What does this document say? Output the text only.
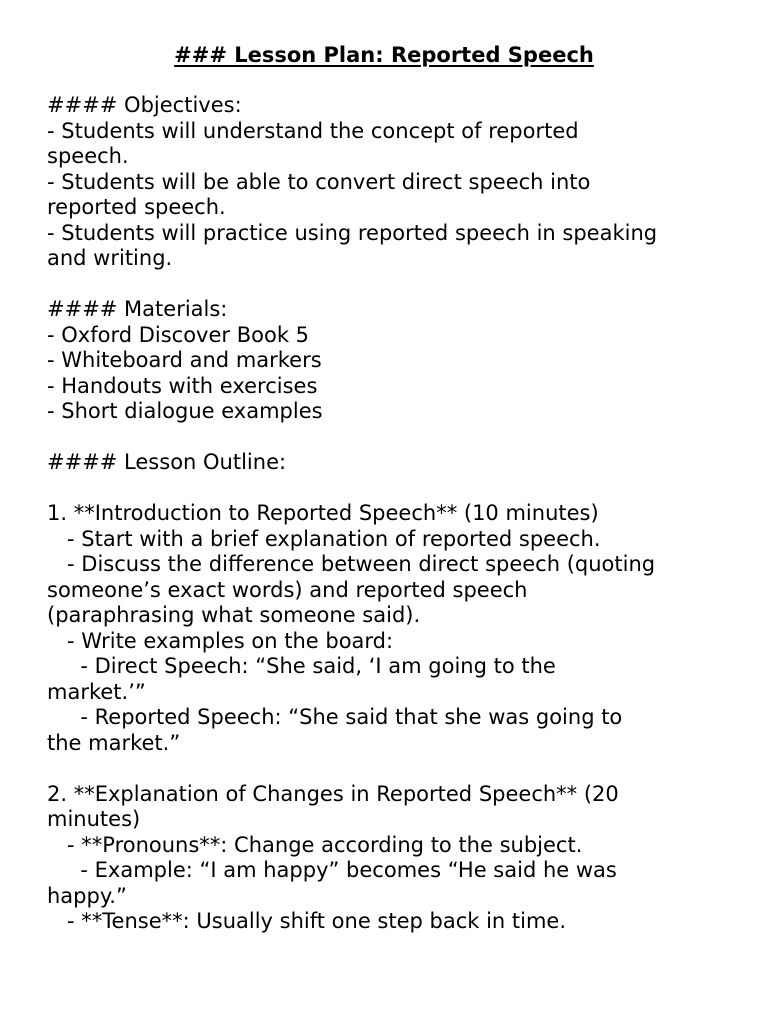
### Lesson Plan: Reported Speech
#### Objectives:
- Students will understand the concept of reported
speech.
- Students will be able to convert direct speech into
reported speech.
- Students will practice using reported speech in speaking
and writing.
#### Materials:
- Oxford Discover Book 5
- Whiteboard and markers
- Handouts with exercises
- Short dialogue examples
#### Lesson Outline:
1. **Introduction to Reported Speech** (10 minutes)
- Start with a brief explanation of reported speech.
- Discuss the difference between direct speech (quoting
someone’s exact words) and reported speech
(paraphrasing what someone said).
- Write examples on the board:
- Direct Speech: “She said, ‘I am going to the
market.’”
- Reported Speech: “She said that she was going to
the market.”
2. **Explanation of Changes in Reported Speech** (20
minutes)
- **Pronouns**: Change according to the subject.
- Example: “I am happy” becomes “He said he was
happy.”
- **Tense**: Usually shift one step back in time.
